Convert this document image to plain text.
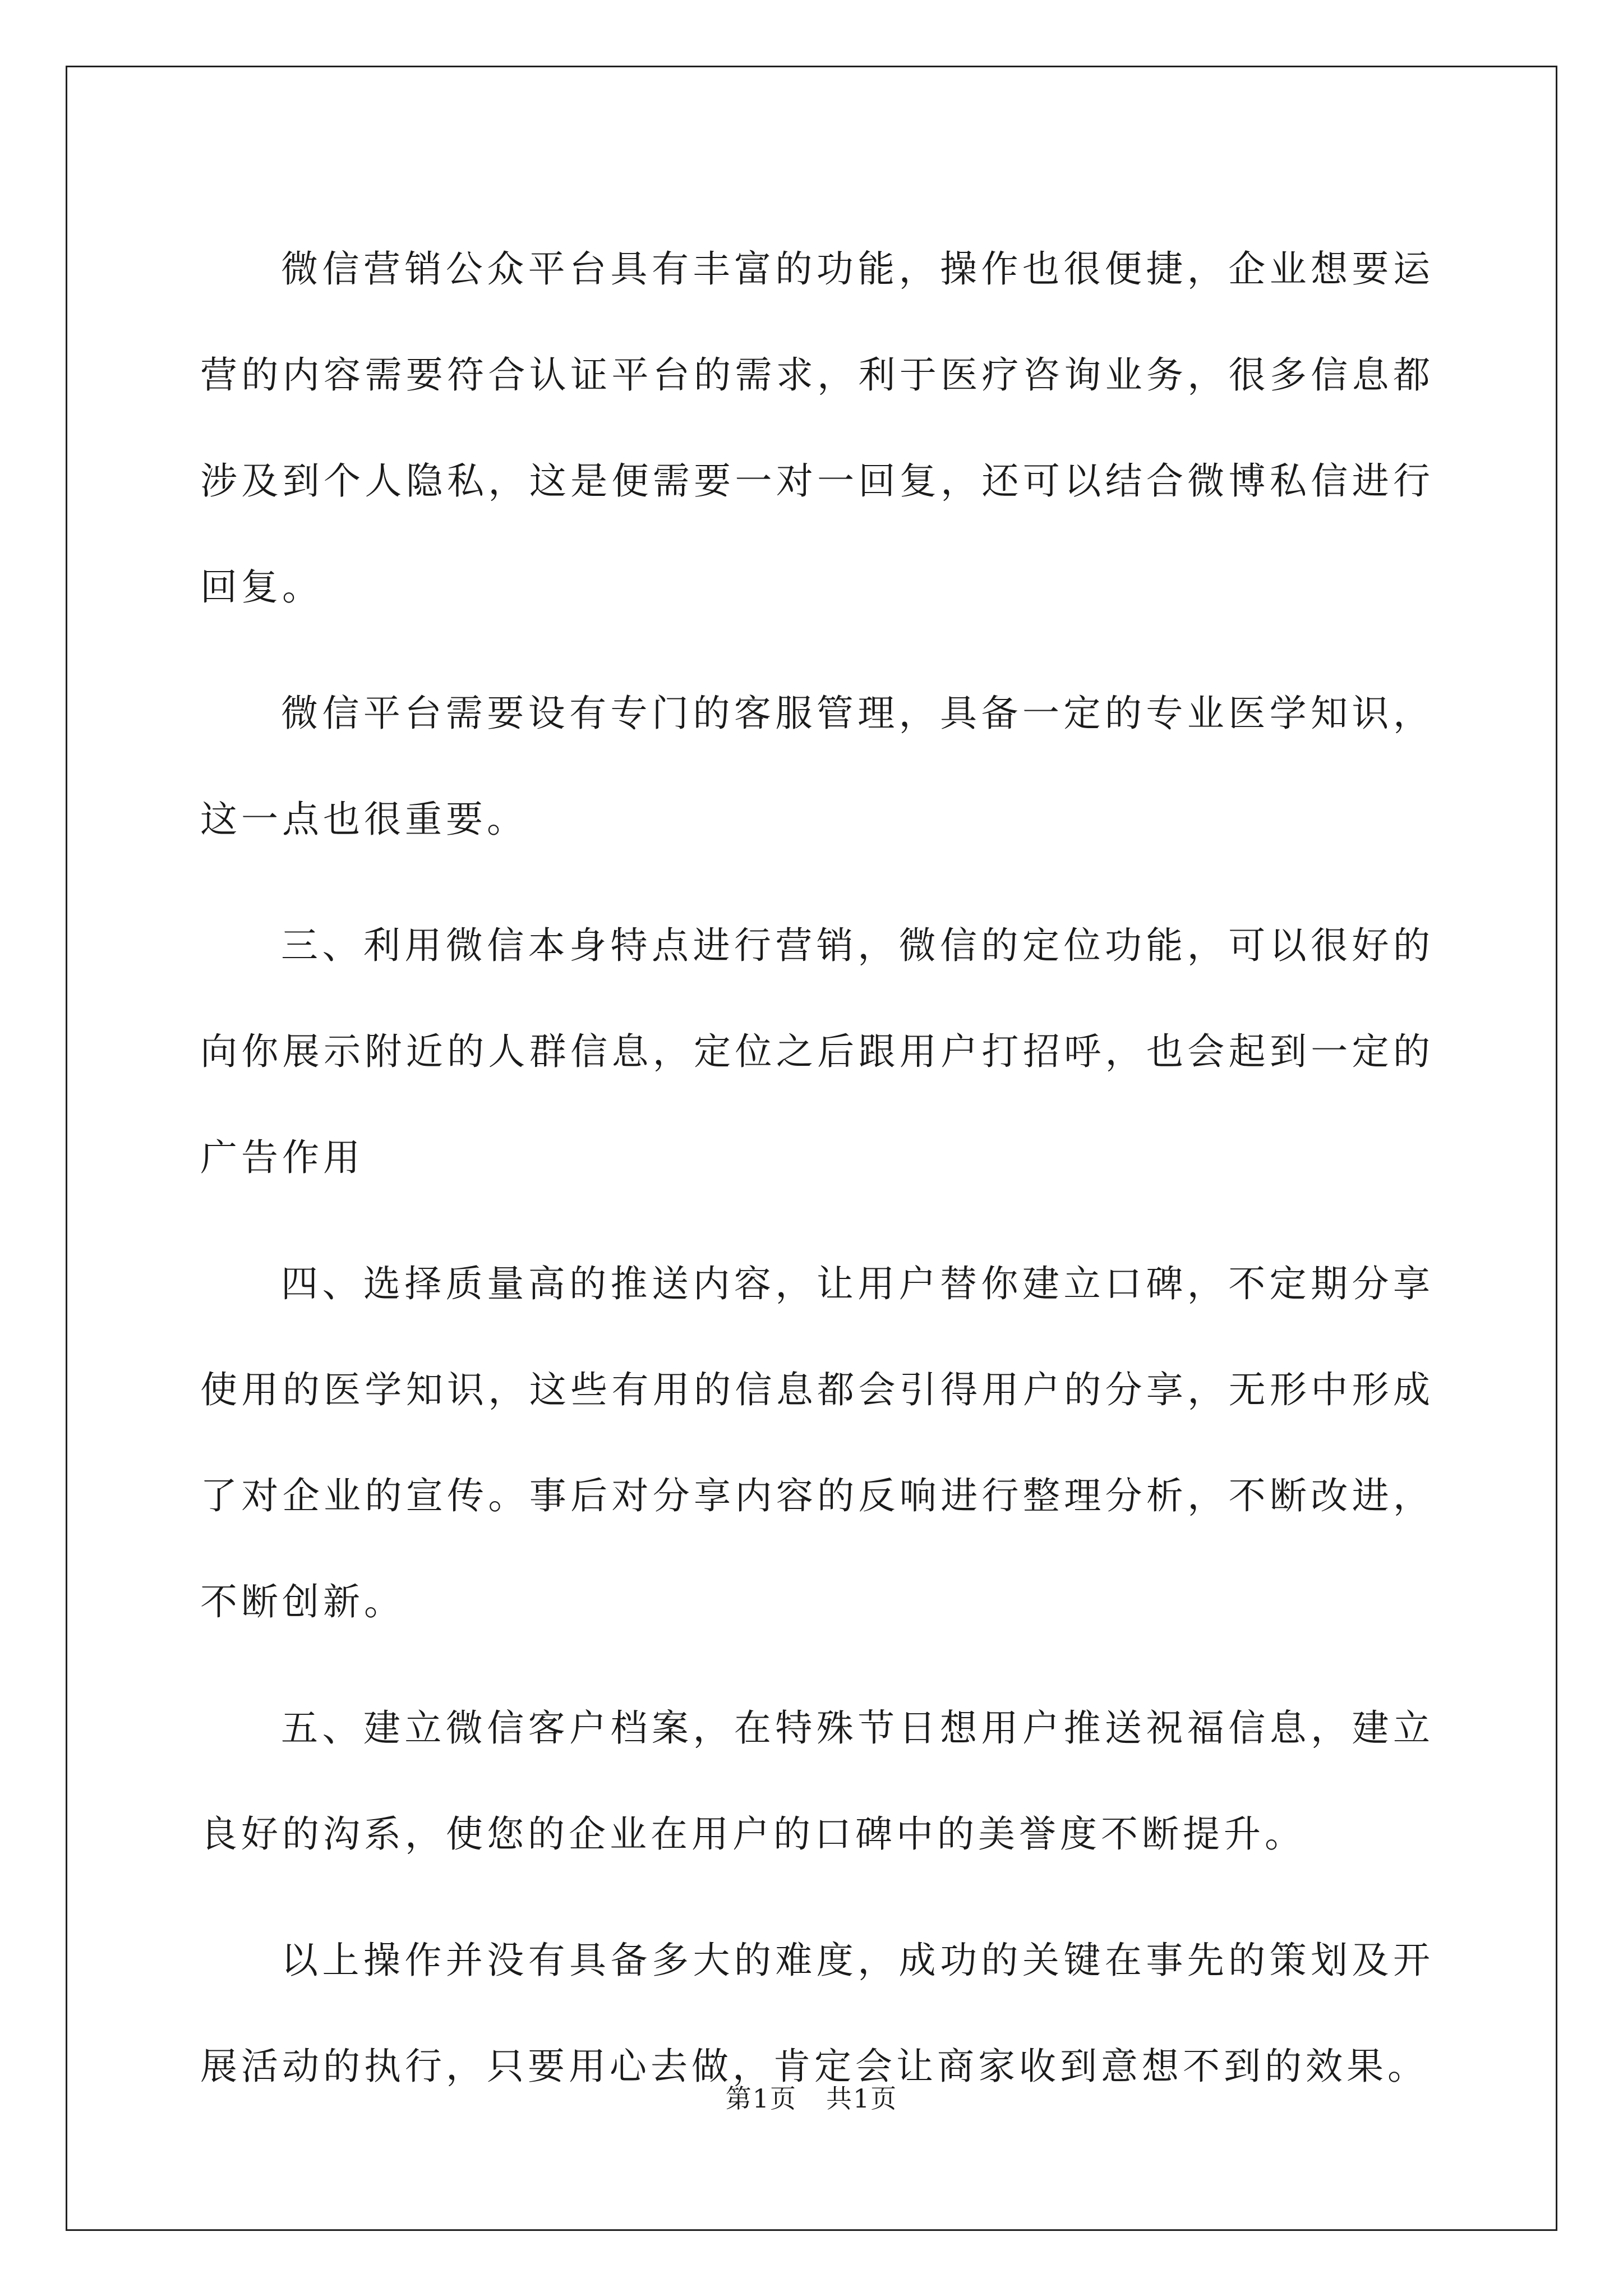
微信营销公众平台具有丰富的功能，操作也很便捷，企业想要运营的内容需要符合认证平台的需求，利于医疗咨询业务，很多信息都涉及到个人隐私，这是便需要一对一回复，还可以结合微博私信进行回复。

微信平台需要设有专门的客服管理，具备一定的专业医学知识，这一点也很重要。

三、利用微信本身特点进行营销，微信的定位功能，可以很好的向你展示附近的人群信息，定位之后跟用户打招呼，也会起到一定的广告作用

四、选择质量高的推送内容，让用户替你建立口碑，不定期分享使用的医学知识，这些有用的信息都会引得用户的分享，无形中形成了对企业的宣传。事后对分享内容的反响进行整理分析，不断改进，不断创新。

五、建立微信客户档案，在特殊节日想用户推送祝福信息，建立良好的沟系，使您的企业在用户的口碑中的美誉度不断提升。

以上操作并没有具备多大的难度，成功的关键在事先的策划及开展活动的执行，只要用心去做，肯定会让商家收到意想不到的效果。

第1页 共1页
